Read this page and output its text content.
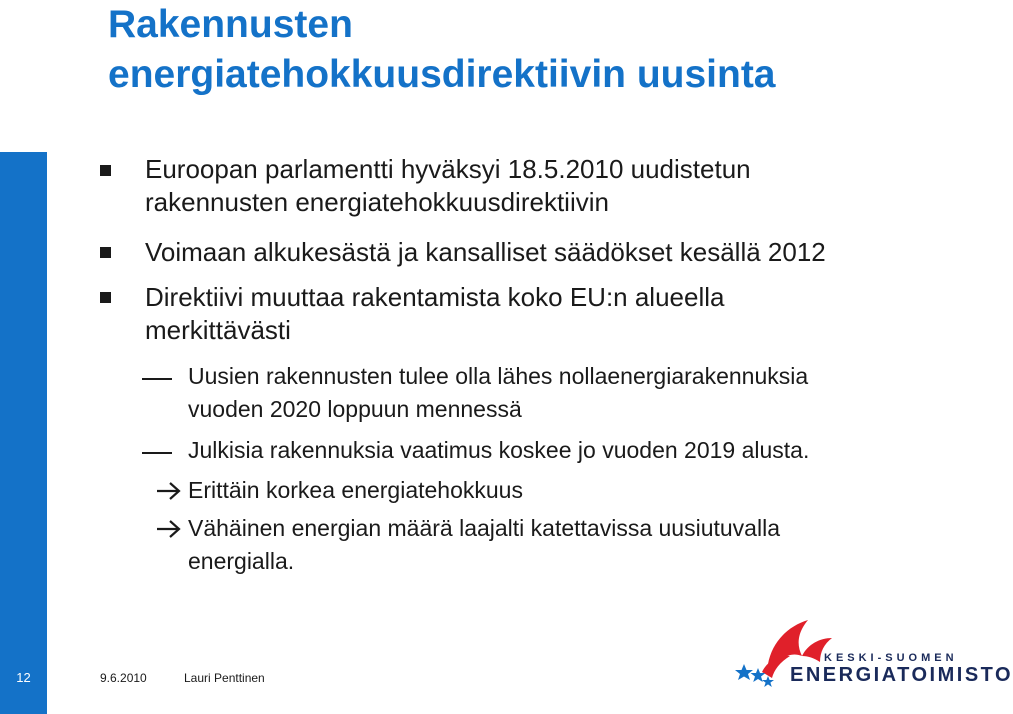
Rakennusten
energiatehokkuusdirektiivin uusinta
Euroopan parlamentti hyväksyi 18.5.2010 uudistetun
rakennusten energiatehokkuusdirektiivin
Voimaan alkukesästä ja kansalliset säädökset kesällä 2012
Direktiivi muuttaa rakentamista koko EU:n alueella
merkittävästi
Uusien rakennusten tulee olla lähes nollaenergiarakennuksia
vuoden 2020 loppuun mennessä
Julkisia rakennuksia vaatimus koskee jo vuoden 2019 alusta.
Erittäin korkea energiatehokkuus
Vähäinen energian määrä laajalti katettavissa uusiutuvalla
energialla.
12	9.6.2010	Lauri Penttinen
KESKI-SUOMEN
ENERGIATOIMISTO
